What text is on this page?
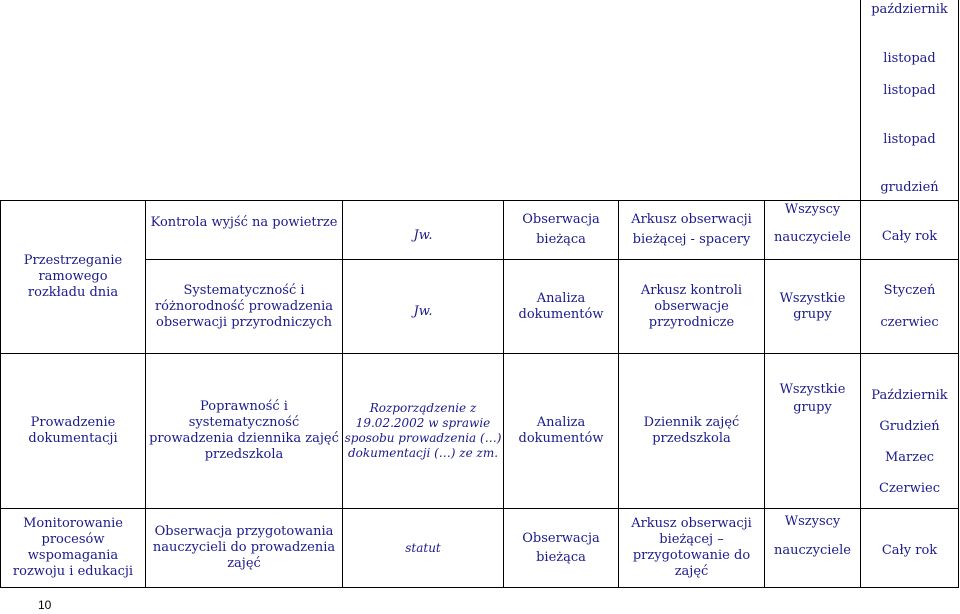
październik
listopad
listopad
listopad
Przestrzeganie ramowego rozkładu dnia
Kontrola wyjść na powietrze
Jw.
Obserwacja
bieżąca
Arkusz obserwacji
bieżącej - spacery
Wszyscy
nauczyciele
grudzień
Cały rok
Systematyczność i
różnorodność prowadzenia
obserwacji przyrodniczych
Jw.
Analiza
dokumentów
Arkusz kontroli
obserwacje
przyrodnicze
Wszystkie
grupy
Styczeń
czerwiec
Prowadzenie
dokumentacji
Poprawność i systematyczność
prowadzenia dziennika zajęć
przedszkola
Rozporządzenie z
19.02.2002 w sprawie
sposobu prowadzenia (…)
dokumentacji (…) ze zm.
Analiza
dokumentów
Dziennik zajęć
przedszkola
Wszystkie
grupy
Październik
Grudzień
Marzec
Czerwiec
Monitorowanie
procesów
wspomagania
rozwoju i edukacji
Obserwacja przygotowania
nauczycieli do prowadzenia
zajęć
statut
Obserwacja
bieżąca
Arkusz obserwacji
bieżącej –
przygotowanie do
zajęć
Wszyscy
nauczyciele	Cały rok
10
